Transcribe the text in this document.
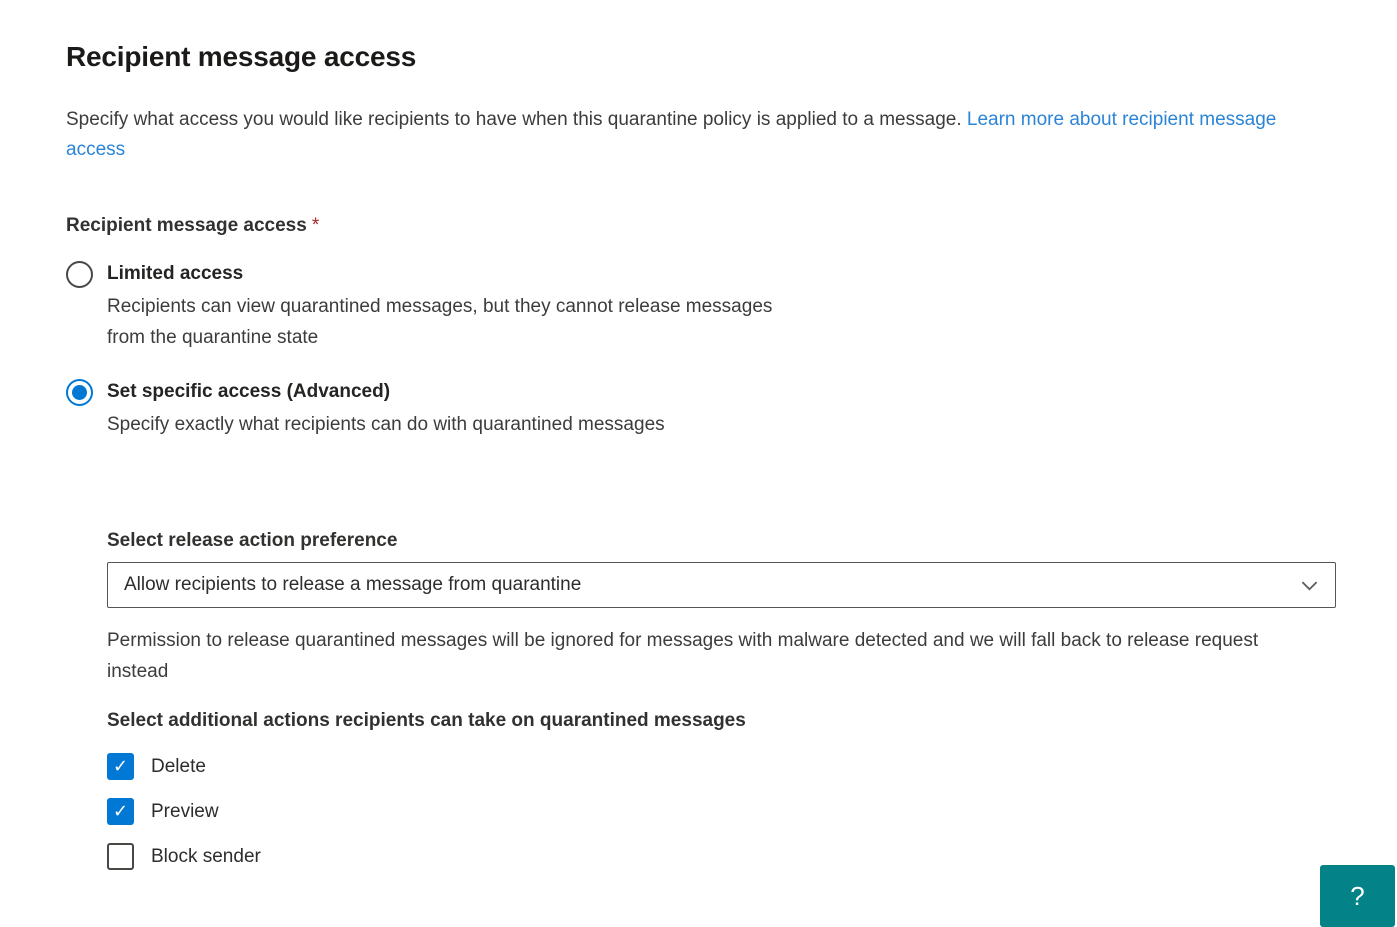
Recipient message access

Specify what access you would like recipients to have when this quarantine policy is applied to a message. Learn more about recipient message access

Recipient message access *
Limited access
Recipients can view quarantined messages, but they cannot release messages from the quarantine state
Set specific access (Advanced)
Specify exactly what recipients can do with quarantined messages
Select release action preference
Allow recipients to release a message from quarantine
Permission to release quarantined messages will be ignored for messages with malware detected and we will fall back to release request instead
Select additional actions recipients can take on quarantined messages
✓ Delete
✓ Preview
Block sender
?
